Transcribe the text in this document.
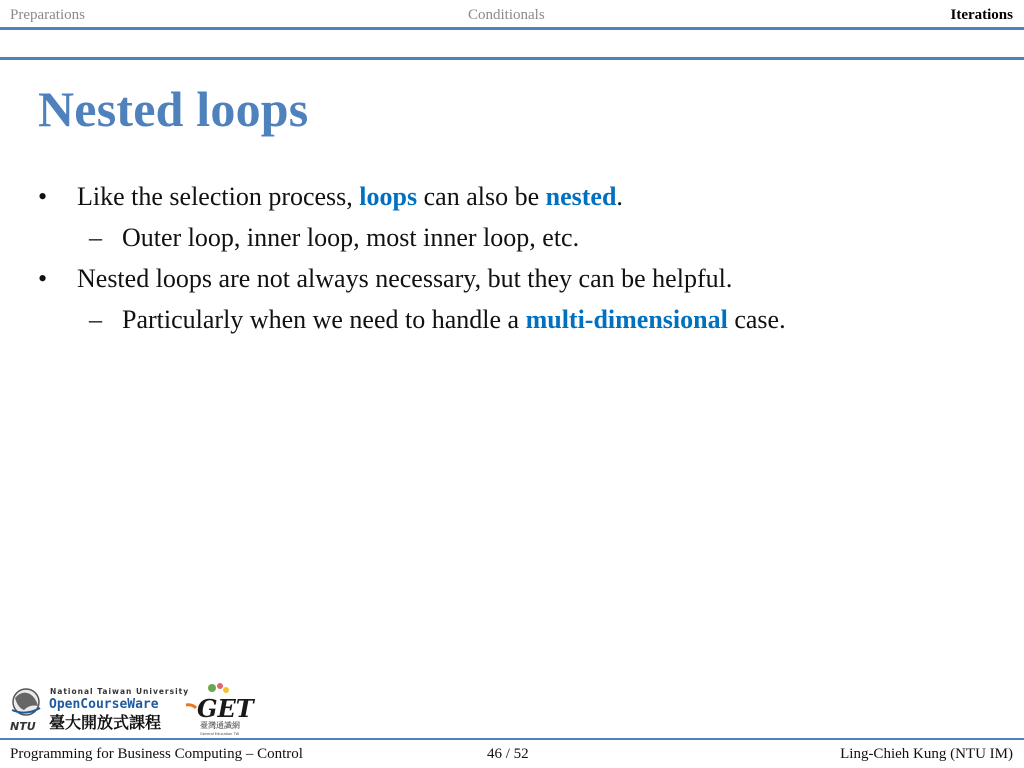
Preparations	Conditionals	Iterations
Nested loops
• Like the selection process, loops can also be nested.
– Outer loop, inner loop, most inner loop, etc.
• Nested loops are not always necessary, but they can be helpful.
– Particularly when we need to handle a multi-dimensional case.
NTU
National Taiwan University
OpenCourseWare
臺大開放式課程 GET
臺灣通識網
General Education TW
Programming for Business Computing – Control	46 / 52	Ling-Chieh Kung (NTU IM)
